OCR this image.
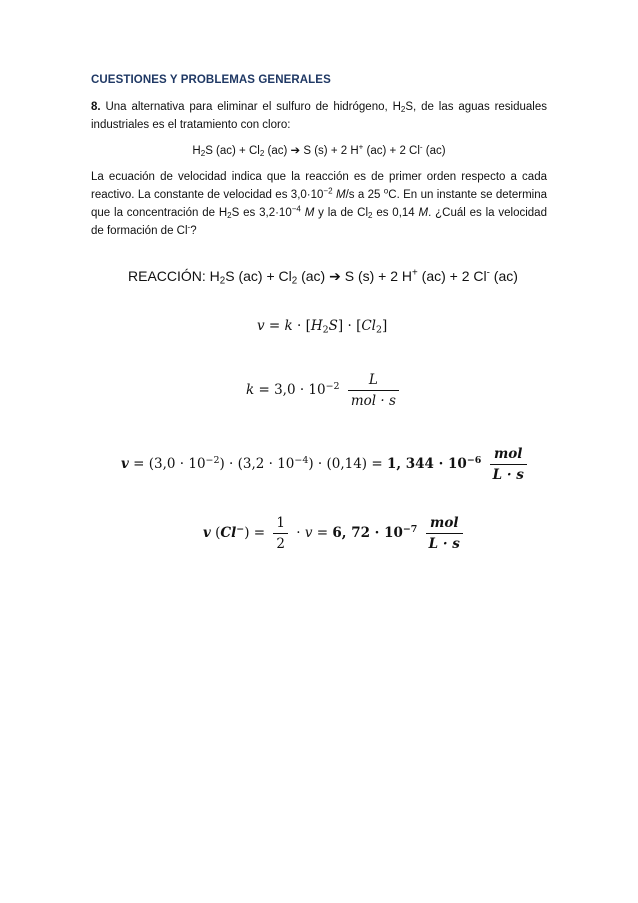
CUESTIONES Y PROBLEMAS GENERALES
8. Una alternativa para eliminar el sulfuro de hidrógeno, $H_2S$, de las aguas residuales industriales es el tratamiento con cloro:
$H_2S$ $(ac) + Cl_2$ (ac) ➔ S (s) + 2 H+ (ac) + 2 Cl- (ac)
La ecuación de velocidad indica que la reacción es de primer orden respecto a cada reactivo. La constante de velocidad es $3,0\cdot 10^{-2}$ M/s a 25 $^o$C. En un instante se determina que la concentración de $H_2S$ es $3,2\cdot 10^{-4}$ M y la de $Cl_2$ es 0,14 M. ¿Cuál es la velocidad de formación de Cl-?
REACCIÓN: $H_2S$ $(ac) + Cl_2$ (ac) ➔ S (s) + 2 H+ (ac) + 2 Cl- (ac)
$v = k \cdot [H_2S] \cdot [Cl_2]$
$k = 3,0 \cdot 10^{-2} \frac{L}{\text{mol · s}}$
$v = (3,0 \cdot 10^{-2}) \cdot (3,2 \cdot 10^{-4}) \cdot (0,14) = 1$, $344 \cdot 10^{-6} \frac{\text{mol}}{L \cdot s}$
v $(Cl^-) = \frac{1}{2} \cdot v = 6$, $72 \cdot 10^{-7} \frac{\text{mol}}{L \cdot s}$
